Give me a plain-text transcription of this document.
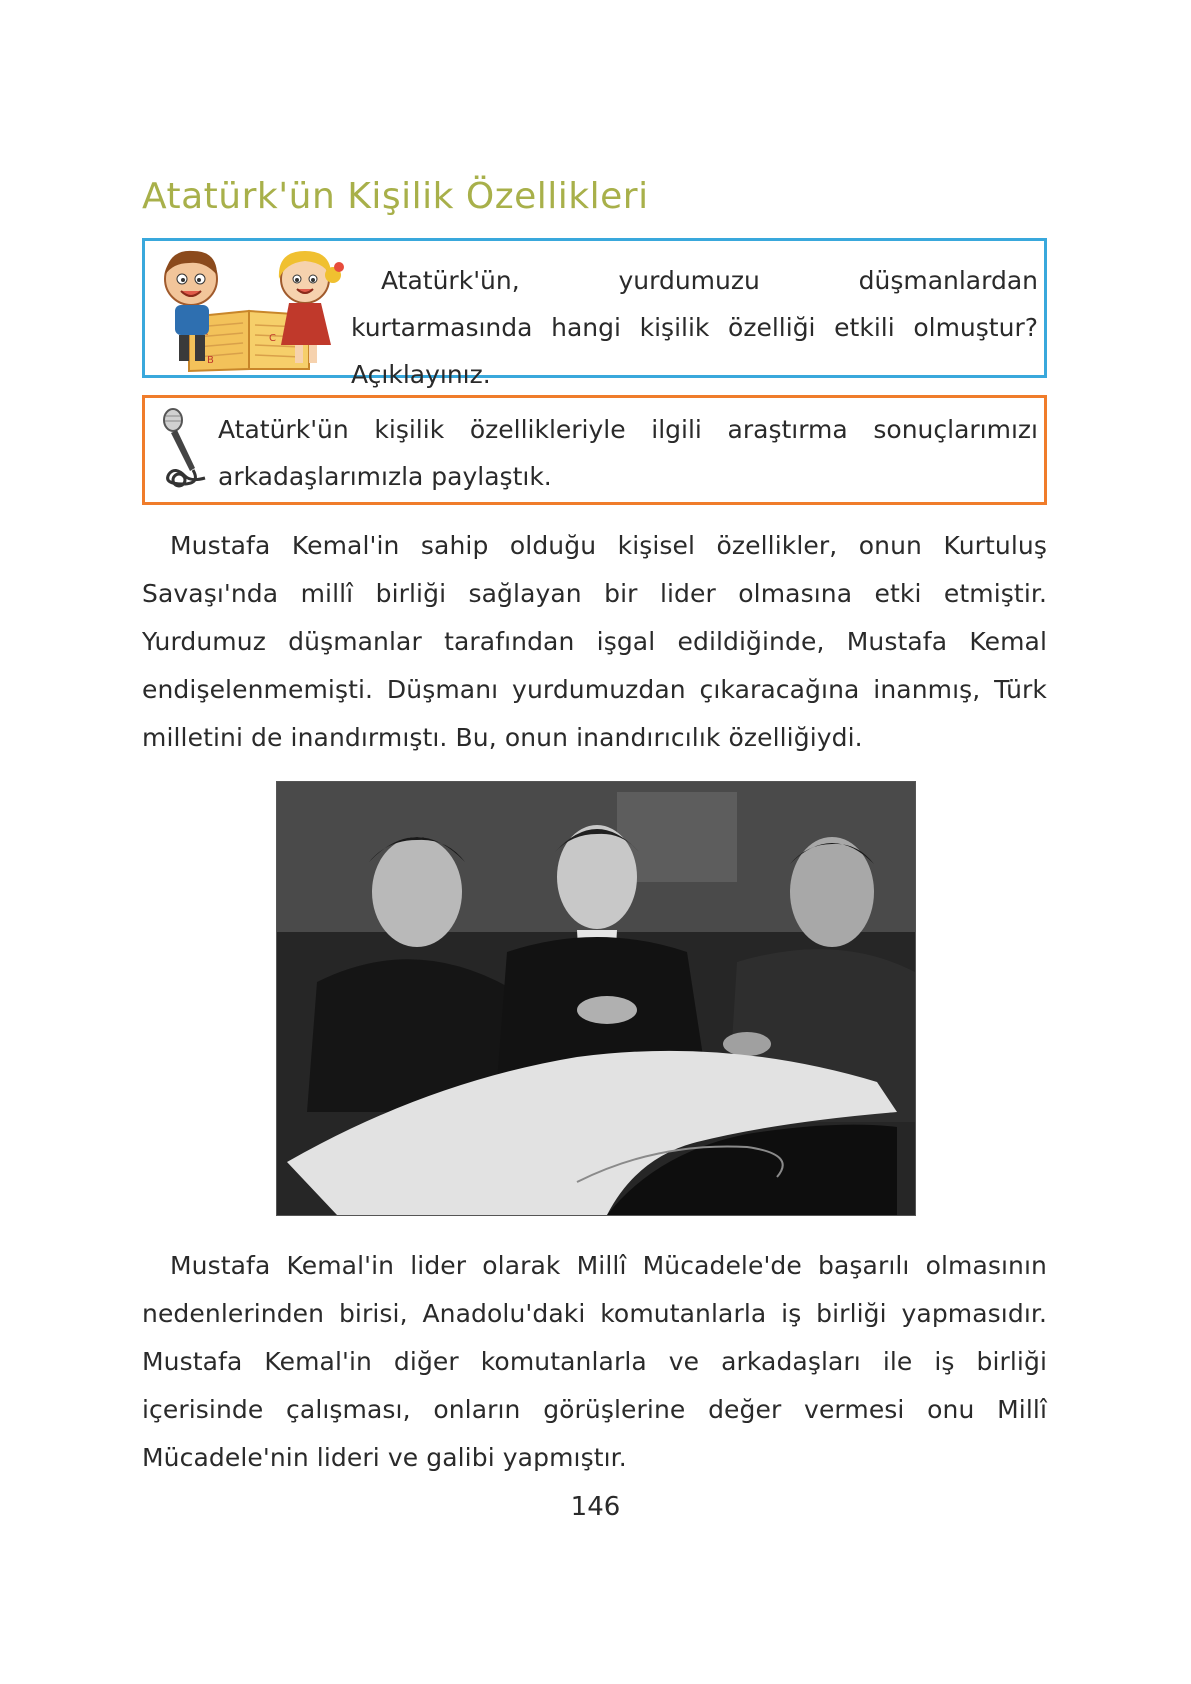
Atatürk'ün Kişilik Özellikleri
C
B
Atatürk'ün, yurdumuzu düşmanlardan kurtarmasında hangi kişilik özelliği etkili olmuştur? Açıklayınız.
Atatürk'ün kişilik özellikleriyle ilgili araştırma sonuçlarımızı arkadaşlarımızla paylaştık.

Mustafa Kemal'in sahip olduğu kişisel özellikler, onun Kurtuluş Savaşı'nda millî birliği sağlayan bir lider olmasına etki etmiştir. Yurdumuz düşmanlar tarafından işgal edildiğinde, Mustafa Kemal endişelenmemişti. Düşmanı yurdumuzdan çıkaracağına inanmış, Türk milletini de inandırmıştı. Bu, onun inandırıcılık özelliğiydi.

Mustafa Kemal'in lider olarak Millî Mücadele'de başarılı olmasının nedenlerinden birisi, Anadolu'daki komutanlarla iş birliği yapmasıdır. Mustafa Kemal'in diğer komutanlarla ve arkadaşları ile iş birliği içerisinde çalışması, onların görüşlerine değer vermesi onu Millî Mücadele'nin lideri ve galibi yapmıştır.

146
